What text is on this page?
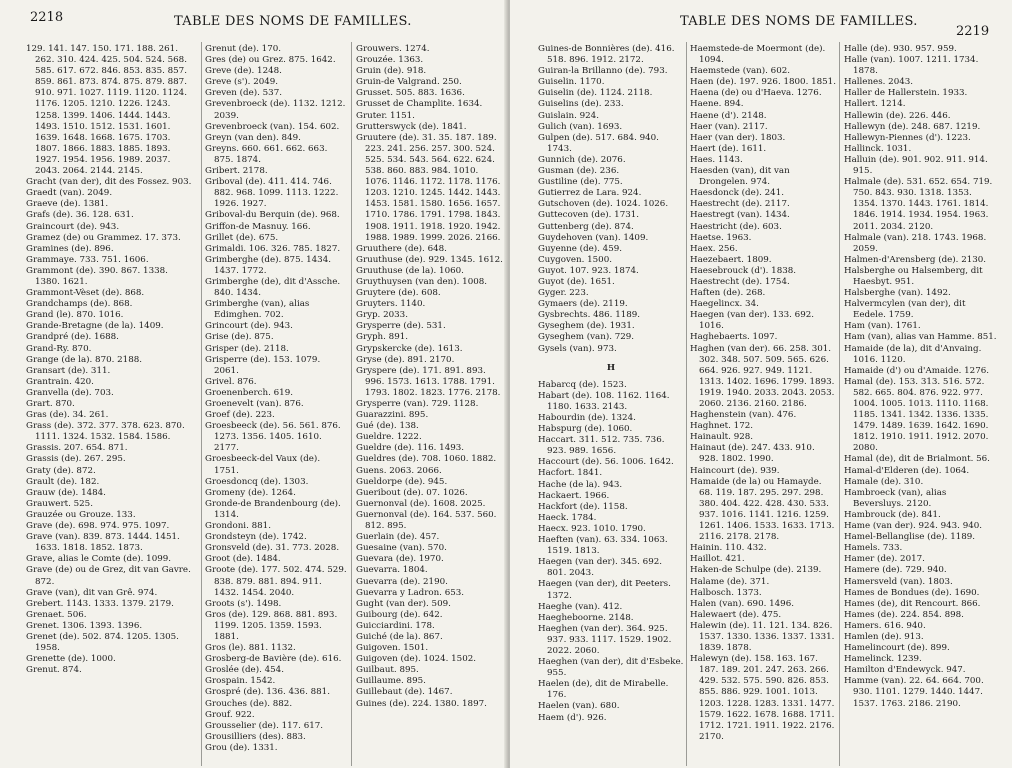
2218	TABLE DES NOMS DE FAMILLES.
129. 141. 147. 150. 171. 188. 261. 262. 310. 424. 425. 504. 524. 568. 585. 617. 672. 846. 853. 835. 857. 859. 861. 873. 874. 875. 879. 887. 910. 971. 1027. 1119. 1120. 1124. 1176. 1205. 1210. 1226. 1243. 1258. 1399. 1406. 1444. 1443. 1493. 1510. 1512. 1531. 1601. 1639. 1648. 1668. 1675. 1703. 1807. 1866. 1883. 1885. 1893. 1927. 1954. 1956. 1989. 2037. 2043. 2064. 2144. 2145.
Gracht (van der), dit des Fossez. 903.
Graedt (van). 2049.
Graeve (de). 1381.
Grafs (de). 36. 128. 631.
Graincourt (de). 943.
Gramez (de) ou Grammez. 17. 373.
Gramines (de). 896.
Grammaye. 733. 751. 1606.
Grammont (de). 390. 867. 1338. 1380. 1621.
Grammont-Vèset (de). 868.
Grandchamps (de). 868.
Grand (le). 870. 1016.
Grande-Bretagne (de la). 1409.
Grandpré (de). 1688.
Grand-Ry. 870.
Grange (de la). 870. 2188.
Gransart (de). 311.
Grantrain. 420.
Granvella (de). 703.
Grart. 870.
Gras (de). 34. 261.
Grass (de). 372. 377. 378. 623. 870. 1111. 1324. 1532. 1584. 1586.
Grassis. 207. 654. 871.
Grassis (de). 267. 295.
Graty (de). 872.
Grault (de). 182.
Grauw (de). 1484.
Grauwert. 525.
Grauzée ou Grouze. 133.
Grave (de). 698. 974. 975. 1097.
Grave (van). 839. 873. 1444. 1451. 1633. 1818. 1852. 1873.
Grave, alias le Comte (de). 1099.
Grave (de) ou de Grez, dit van Gavre. 872.
Grave (van), dit van Grê. 974.
Grebert. 1143. 1333. 1379. 2179.
Grenaet. 506.
Grenet. 1306. 1393. 1396.
Grenet (de). 502. 874. 1205. 1305. 1958.
Grenette (de). 1000.
Grenut. 874.
Grenut (de). 170.
Gres (de) ou Grez. 875. 1642.
Greve (de). 1248.
Greve (s'). 2049.
Greven (de). 537.
Grevenbroeck (de). 1132. 1212. 2039.
Grevenbroeck (van). 154. 602.
Greyn (van den). 849.
Greyns. 660. 661. 662. 663. 875. 1874.
Gribert. 2178.
Griboval (de). 411. 414. 746. 882. 968. 1099. 1113. 1222. 1926. 1927.
Griboval-du Berquin (de). 968.
Griffon-de Masnuy. 166.
Grillet (de). 675.
Grimaldi. 106. 326. 785. 1827.
Grimberghe (de). 875. 1434. 1437. 1772.
Grimberghe (de), dit d'Assche. 840. 1434.
Grimberghe (van), alias Edimghen. 702.
Grincourt (de). 943.
Grise (de). 875.
Grisper (de). 2118.
Grisperre (de). 153. 1079. 2061.
Grivel. 876.
Groenenberch. 619.
Groenevelt (van). 876.
Groef (de). 223.
Groesbeeck (de). 56. 561. 876. 1273. 1356. 1405. 1610. 2177.
Groesbeeck-del Vaux (de). 1751.
Groesdoncq (de). 1303.
Gromeny (de). 1264.
Gronde-de Brandenbourg (de). 1314.
Grondoni. 881.
Grondsteyn (de). 1742.
Gronsveld (de). 31. 773. 2028.
Groot (de). 1484.
Groote (de). 177. 502. 474. 529. 838. 879. 881. 894. 911. 1432. 1454. 2040.
Groots (s'). 1498.
Gros (de). 129. 868. 881. 893. 1199. 1205. 1359. 1593. 1881.
Gros (le). 881. 1132.
Grosberg-de Bavière (de). 616.
Groslée (de). 454.
Grospain. 1542.
Grospré (de). 136. 436. 881.
Grouches (de). 882.
Grouf. 922.
Grousselier (de). 117. 617.
Grousilliers (des). 883.
Grou (de). 1331.
Grouwers. 1274.
Grouzée. 1363.
Gruin (de). 918.
Gruin-de Valgrand. 250.
Grusset. 505. 883. 1636.
Grusset de Champlite. 1634.
Gruter. 1151.
Grutterswyck (de). 1841.
Gruutere (de). 31. 35. 187. 189. 223. 241. 256. 257. 300. 524. 525. 534. 543. 564. 622. 624. 538. 860. 883. 984. 1010. 1076. 1146. 1172. 1178. 1176. 1203. 1210. 1245. 1442. 1443. 1453. 1581. 1580. 1656. 1657. 1710. 1786. 1791. 1798. 1843. 1908. 1911. 1918. 1920. 1942. 1988. 1989. 1999. 2026. 2166.
Gruuthere (de). 648.
Gruuthuse (de). 929. 1345. 1612.
Gruuthuse (de la). 1060.
Gruythuysen (van den). 1008.
Gruytere (de). 608.
Gruyters. 1140.
Gryp. 2033.
Grysperre (de). 531.
Gryph. 891.
Grypskercke (de). 1613.
Gryse (de). 891. 2170.
Gryspere (de). 171. 891. 893. 996. 1573. 1613. 1788. 1791. 1793. 1802. 1823. 1776. 2178.
Grysperre (van). 729. 1128.
Guarazzini. 895.
Gué (de). 138.
Gueldre. 1222.
Gueldre (de). 116. 1493.
Gueldres (de). 708. 1060. 1882.
Guens. 2063. 2066.
Gueldorpe (de). 945.
Gueribout (de). 07. 1026.
Guernonval (de). 1608. 2025.
Guernonval (de). 164. 537. 560. 812. 895.
Guerlain (de). 457.
Guesaine (van). 570.
Guevara (de). 1970.
Guevarra. 1804.
Guevarra (de). 2190.
Guevarra y Ladron. 653.
Gught (van der). 509.
Guibourg (de). 642.
Guicciardini. 178.
Guiché (de la). 867.
Guigoven. 1501.
Guigoven (de). 1024. 1502.
Guilbaut. 895.
Guillaume. 895.
Guillebaut (de). 1467.
Guines (de). 224. 1380. 1897.
TABLE DES NOMS DE FAMILLES.
2219
Guines-de Bonnières (de). 416. 518. 896. 1912. 2172.
Guiran-la Brillanno (de). 793.
Guiselin. 1170.
Guiselin (de). 1124. 2118.
Guiselins (de). 233.
Guislain. 924.
Gulich (van). 1693.
Gulpen (de). 517. 684. 940. 1743.
Gunnich (de). 2076.
Gusman (de). 236.
Gustiline (de). 775.
Gutierrez de Lara. 924.
Gutschoven (de). 1024. 1026.
Guttecoven (de). 1731.
Guttenberg (de). 874.
Guydehoven (van). 1409.
Guyenne (de). 459.
Cuygoven. 1500.
Guyot. 107. 923. 1874.
Guyot (de). 1651.
Gyger. 223.
Gymaers (de). 2119.
Gysbrechts. 486. 1189.
Gyseghem (de). 1931.
Gyseghem (van). 729.
Gysels (van). 973.
H
Habarcq (de). 1523.
Habart (de). 108. 1162. 1164. 1180. 1633. 2143.
Habourdin (de). 1324.
Habspurg (de). 1060.
Haccart. 311. 512. 735. 736. 923. 989. 1656.
Haccourt (de). 56. 1006. 1642.
Hacfort. 1841.
Hache (de la). 943.
Hackaert. 1966.
Hackfort (de). 1158.
Haeck. 1784.
Haecx. 923. 1010. 1790.
Haeften (van). 63. 334. 1063. 1519. 1813.
Haegen (van der). 345. 692. 801. 2043.
Haegen (van der), dit Peeters. 1372.
Haeghe (van). 412.
Haegheboorne. 2148.
Haeghen (van der). 364. 925. 937. 933. 1117. 1529. 1902. 2022. 2060.
Haeghen (van der), dit d'Esbeke. 955.
Haelen (de), dit de Mirabelle. 176.
Haelen (van). 680.
Haem (d'). 926.
Haemstede-de Moermont (de). 1094.
Haemstede (van). 602.
Haen (de). 197. 926. 1800. 1851.
Haena (de) ou d'Haeva. 1276.
Haene. 894.
Haene (d'). 2148.
Haer (van). 2117.
Haer (van der). 1803.
Haert (de). 1611.
Haes. 1143.
Haesden (van), dit van Drongelen. 974.
Haesdonck (de). 241.
Haestrecht (de). 2117.
Haestregt (van). 1434.
Haestricht (de). 603.
Haetse. 1963.
Haex. 256.
Haezebaert. 1809.
Haesebrouck (d'). 1838.
Haestrecht (de). 1754.
Haften (de). 268.
Haegelincx. 34.
Haegen (van der). 133. 692. 1016.
Haghebaerts. 1097.
Haghen (van der). 66. 258. 301. 302. 348. 507. 509. 565. 626. 664. 926. 927. 949. 1121. 1313. 1402. 1696. 1799. 1893. 1919. 1940. 2033. 2043. 2053. 2060. 2136. 2160. 2186.
Haghenstein (van). 476.
Haghnet. 172.
Hainault. 928.
Hainaut (de). 247. 433. 910. 928. 1802. 1990.
Haincourt (de). 939.
Hamaide (de la) ou Hamayde. 68. 119. 187. 295. 297. 298. 380. 404. 422. 428. 430. 533. 937. 1016. 1141. 1216. 1259. 1261. 1406. 1533. 1633. 1713. 2116. 2178. 2178.
Hainin. 110. 432.
Haillot. 421.
Haken-de Schulpe (de). 2139.
Halame (de). 371.
Halbosch. 1373.
Halen (van). 690. 1496.
Halewaert (de). 475.
Halewin (de). 11. 121. 134. 826. 1537. 1330. 1336. 1337. 1331. 1839. 1878.
Halewyn (de). 158. 163. 167. 187. 189. 201. 247. 263. 266. 429. 532. 575. 590. 826. 853. 855. 886. 929. 1001. 1013. 1203. 1228. 1283. 1331. 1477. 1579. 1622. 1678. 1688. 1711. 1712. 1721. 1911. 1922. 2176. 2170.
Halle (de). 930. 957. 959.
Halle (van). 1007. 1211. 1734. 1878.
Hallenes. 2043.
Haller de Hallerstein. 1933.
Hallert. 1214.
Hallewin (de). 226. 446.
Hallewyn (de). 248. 687. 1219.
Hallewyn-Piennes (d'). 1223.
Hallinck. 1031.
Halluin (de). 901. 902. 911. 914. 915.
Halmale (de). 531. 652. 654. 719. 750. 843. 930. 1318. 1353. 1354. 1370. 1443. 1761. 1814. 1846. 1914. 1934. 1954. 1963. 2011. 2034. 2120.
Halmale (van). 218. 1743. 1968. 2059.
Halmen-d'Arensberg (de). 2130.
Halsberghe ou Halsemberg, dit Haesbyt. 951.
Halsberghe (van). 1492.
Halvermcylen (van der), dit Eedele. 1759.
Ham (van). 1761.
Ham (van), alias van Hamme. 851.
Hamaide (de la), dit d'Anvaing. 1016. 1120.
Hamaide (d') ou d'Amaide. 1276.
Hamal (de). 153. 313. 516. 572. 582. 665. 804. 876. 922. 977. 1004. 1005. 1013. 1110. 1168. 1185. 1341. 1342. 1336. 1335. 1479. 1489. 1639. 1642. 1690. 1812. 1910. 1911. 1912. 2070. 2080.
Hamal (de), dit de Brialmont. 56.
Hamal-d'Elderen (de). 1064.
Hamale (de). 310.
Hambroeck (van), alias Beversluys. 2120.
Hambrouck (de). 841.
Hame (van der). 924. 943. 940.
Hamel-Bellanglise (de). 1189.
Hamels. 733.
Hamer (de). 2017.
Hamere (de). 729. 940.
Hamersveld (van). 1803.
Hames de Bondues (de). 1690.
Hames (de), dit Rencourt. 866.
Hames (de). 224. 854. 898.
Hamers. 616. 940.
Hamlen (de). 913.
Hamelincourt (de). 899.
Hamelinck. 1239.
Hamilton d'Endewyck. 947.
Hamme (van). 22. 64. 664. 700. 930. 1101. 1279. 1440. 1447. 1537. 1763. 2186. 2190.
